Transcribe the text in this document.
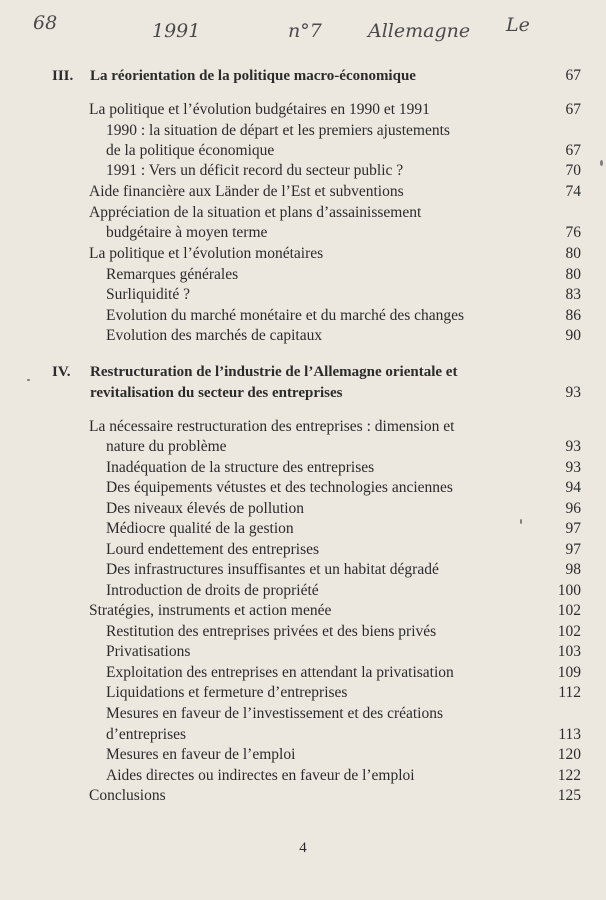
68	1991	n°7 Allemagne Le
III. La réorientation de la politique macro-économique	67
La politique et l’évolution budgétaires en 1990 et 1991	67
1990 : la situation de départ et les premiers ajustements
de la politique économique	67
1991 : Vers un déficit record du secteur public ?	70
Aide financière aux Länder de l’Est et subventions	74
Appréciation de la situation et plans d’assainissement
budgétaire à moyen terme	76
La politique et l’évolution monétaires	80
Remarques générales	80
Surliquidité ?	83
Evolution du marché monétaire et du marché des changes	86
Evolution des marchés de capitaux	90
IV. Restructuration de l’industrie de l’Allemagne orientale et
revitalisation du secteur des entreprises	93
La nécessaire restructuration des entreprises : dimension et
nature du problème	93
Inadéquation de la structure des entreprises	93
Des équipements vétustes et des technologies anciennes	94
Des niveaux élevés de pollution	96
Médiocre qualité de la gestion	97
Lourd endettement des entreprises	97
Des infrastructures insuffisantes et un habitat dégradé	98
Introduction de droits de propriété	100
Stratégies, instruments et action menée	102
Restitution des entreprises privées et des biens privés	102
Privatisations	103
Exploitation des entreprises en attendant la privatisation	109
Liquidations et fermeture d’entreprises	112
Mesures en faveur de l’investissement et des créations
d’entreprises	113
Mesures en faveur de l’emploi	120
Aides directes ou indirectes en faveur de l’emploi	122
Conclusions	125
4
